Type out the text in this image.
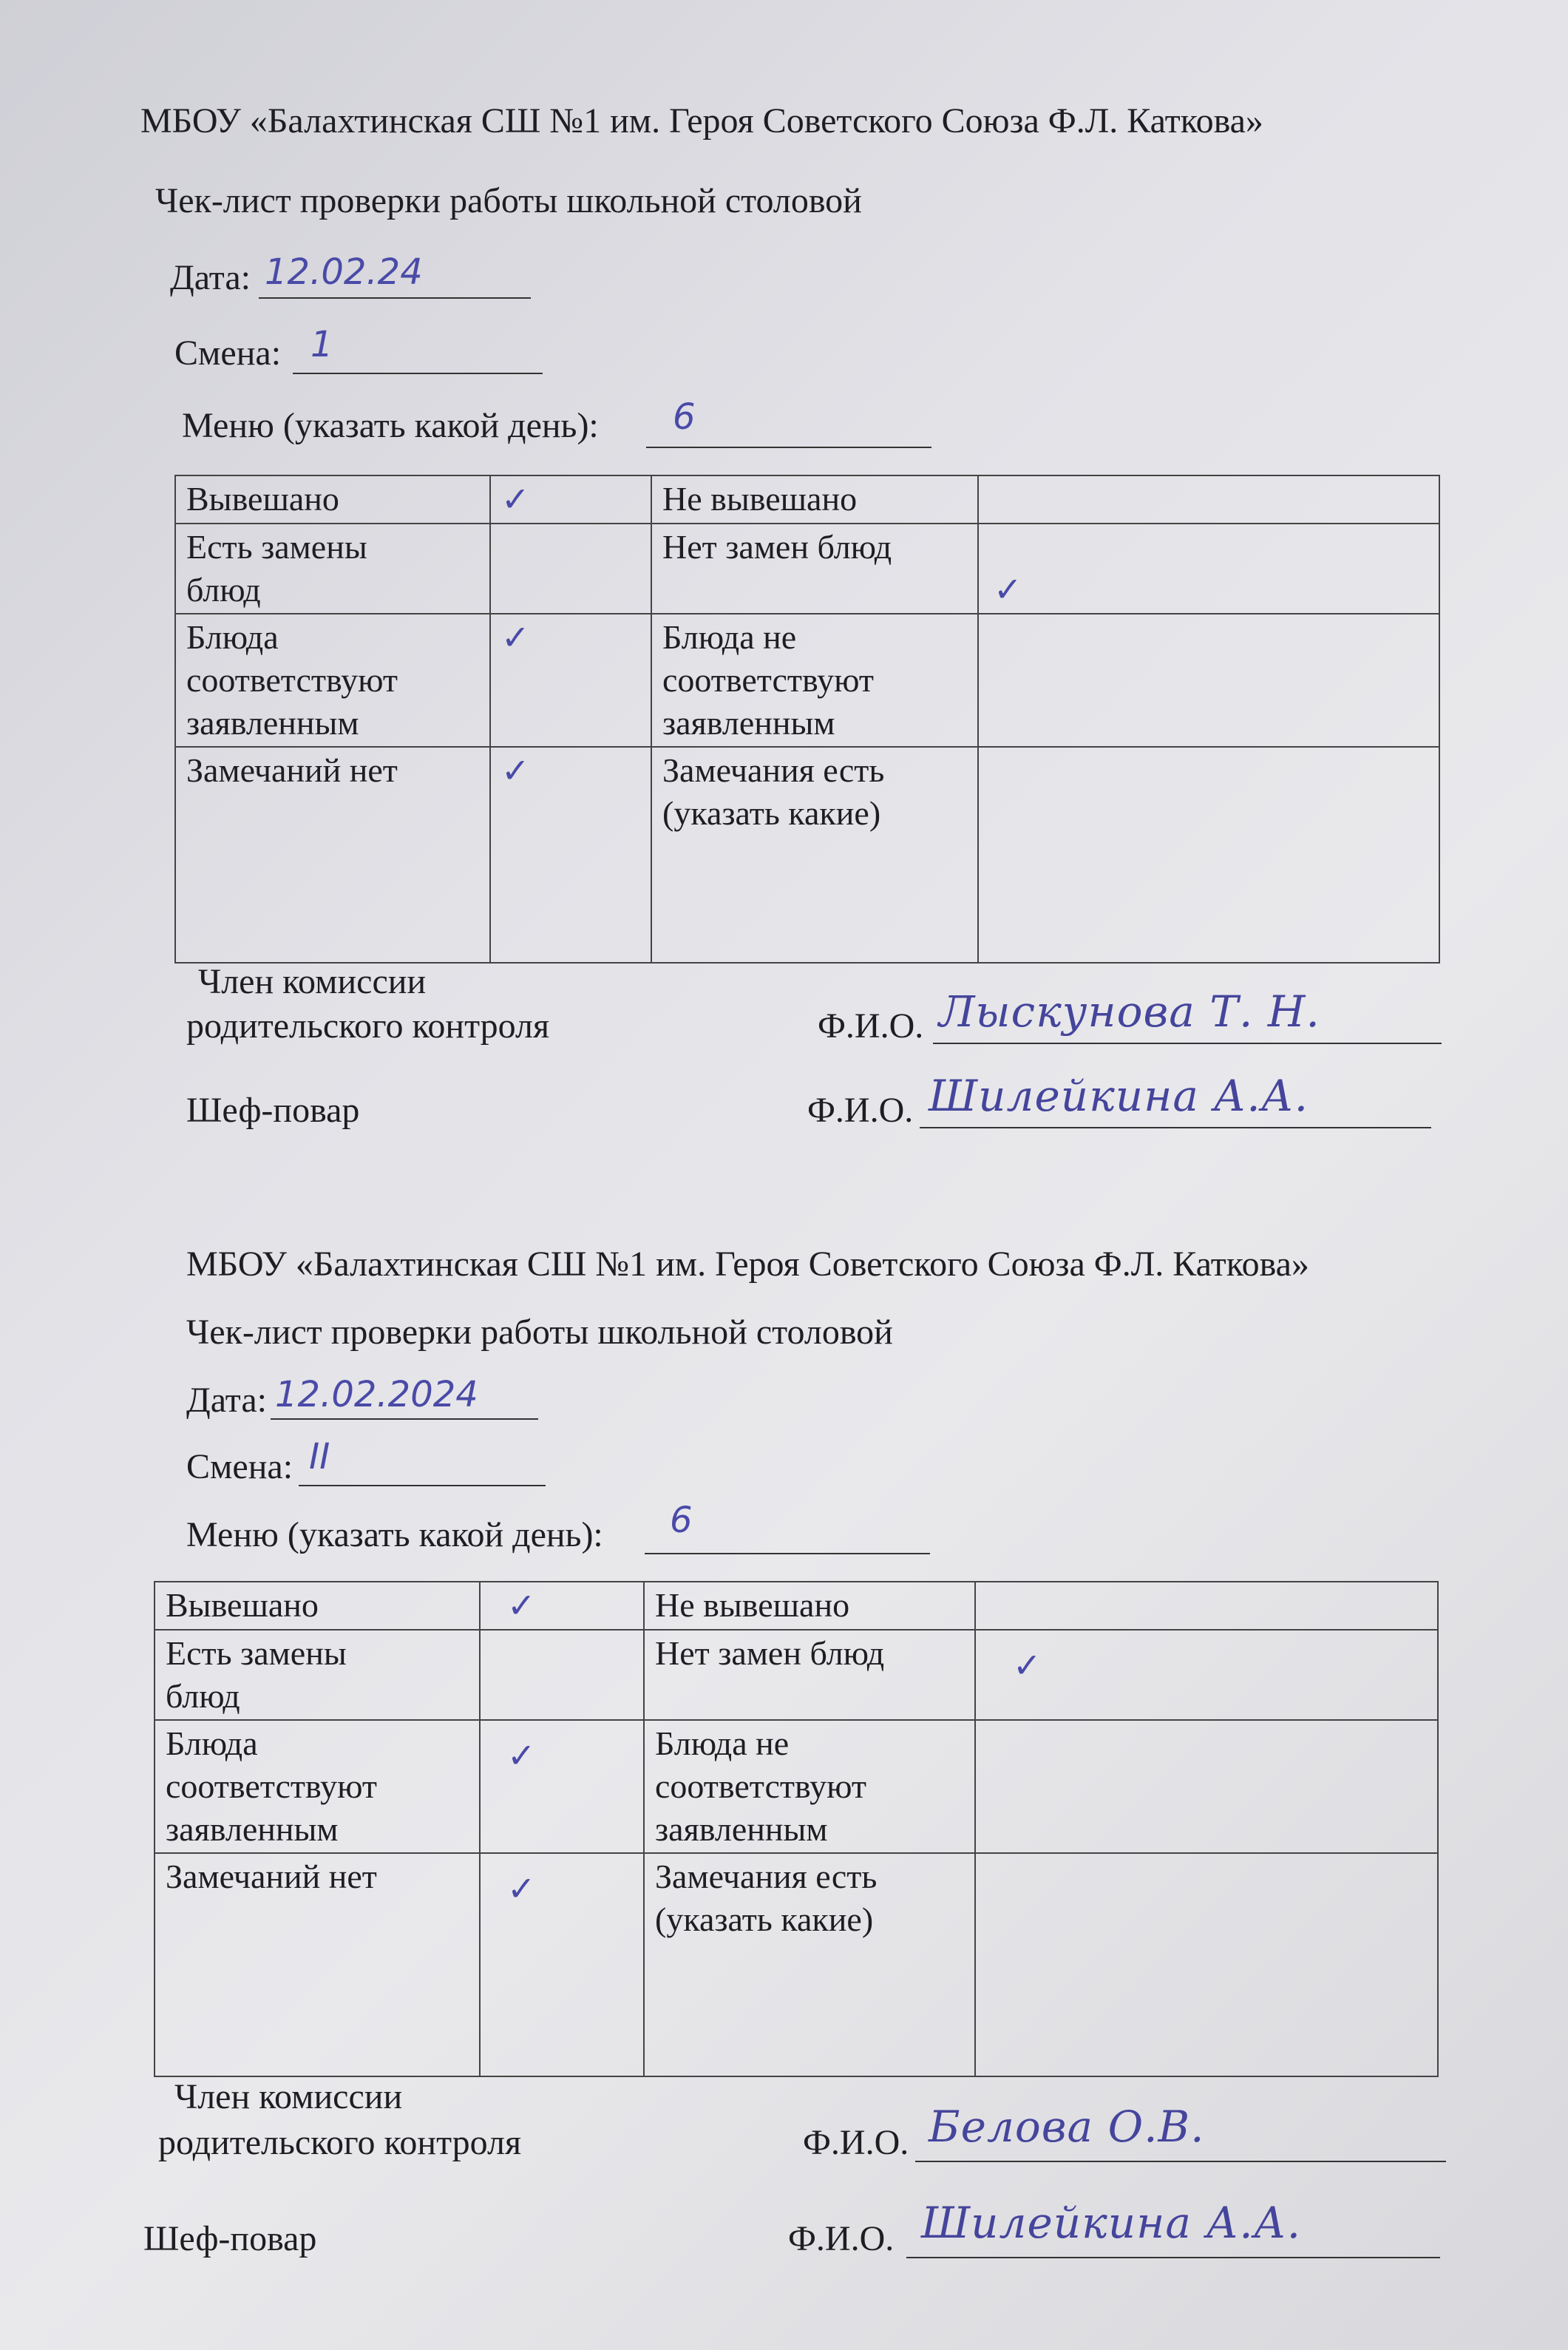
МБОУ «Балахтинская СШ №1 им. Героя Советского Союза Ф.Л. Каткова»
Чек-лист проверки работы школьной столовой
Дата: 12.02.24
Смена: 1
Меню (указать какой день): 6
Вывешано	✓	Не вывешано	
Есть замены
блюд		Нет замен блюд	✓
Блюда
соответствуют
заявленным	✓	Блюда не
соответствуют
заявленным	
Замечаний нет	✓	Замечания есть
(указать какие)	
Член комиссии
родительского контроля	Ф.И.О. Лыскунова Т. Н.
Шеф-повар	Ф.И.О. Шилейкина А.А.
МБОУ «Балахтинская СШ №1 им. Героя Советского Союза Ф.Л. Каткова»
Чек-лист проверки работы школьной столовой
Дата: 12.02.2024
Смена: II
Меню (указать какой день): 6
Вывешано	✓	Не вывешано	
Есть замены
блюд		Нет замен блюд	✓
Блюда
соответствуют
заявленным	✓	Блюда не
соответствуют
заявленным	
Замечаний нет	✓	Замечания есть
(указать какие)	
Член комиссии
родительского контроля	Ф.И.О. Белова О.В.
Шеф-повар	Ф.И.О. Шилейкина А.А.
